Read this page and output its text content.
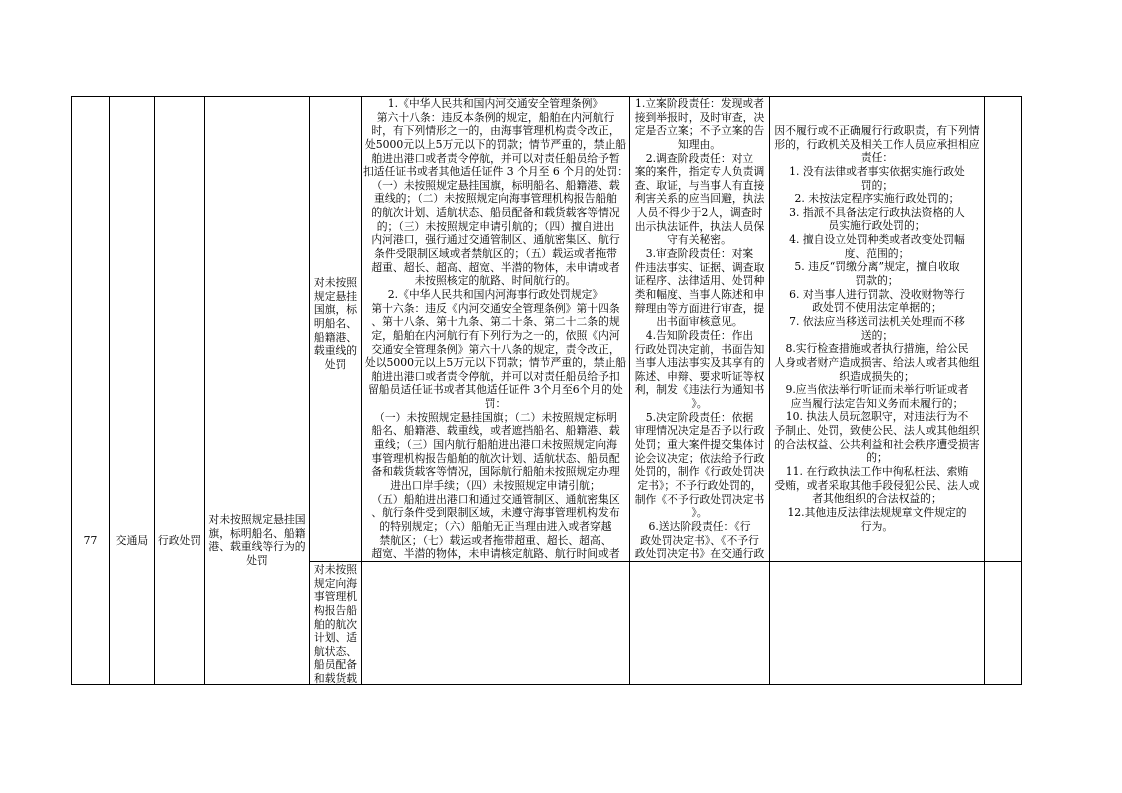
77	交通局 行政处罚
对未按照规定悬挂国
旗，标明船名、船籍
港、载重线等行为的
处罚
对未按照
规定悬挂
国旗，标
明船名、
船籍港、
载重线的
处罚
1.《中华人民共和国内河交通安全管理条例》
第六十八条：违反本条例的规定，船舶在内河航行
时，有下列情形之一的，由海事管理机构责令改正，
处5000元以上5万元以下的罚款；情节严重的，禁止船
舶进出港口或者责令停航，并可以对责任船员给予暂
扣适任证书或者其他适任证件 3 个月至 6 个月的处罚：
（一）未按照规定悬挂国旗，标明船名、船籍港、载
重线的；（二）未按照规定向海事管理机构报告船舶
的航次计划、适航状态、船员配备和载货载客等情况
的；（三）未按照规定申请引航的；（四）擅自进出
内河港口，强行通过交通管制区、通航密集区、航行
条件受限制区域或者禁航区的；（五）载运或者拖带
超重、超长、超高、超宽、半潜的物体，未申请或者
未按照核定的航路、时间航行的。
2.《中华人民共和国内河海事行政处罚规定》
第十六条：违反《内河交通安全管理条例》第十四条
、第十八条、第十九条、第二十条、第二十二条的规
定，船舶在内河航行有下列行为之一的，依照《内河
交通安全管理条例》第六十八条的规定，责令改正，
处以5000元以上5万元以下罚款；情节严重的，禁止船
舶进出港口或者责令停航，并可以对责任船员给予扣
留船员适任证书或者其他适任证件 3个月至6个月的处
罚：
（一）未按照规定悬挂国旗；（二）未按照规定标明
船名、船籍港、载重线，或者遮挡船名、船籍港、载
重线；（三）国内航行船舶进出港口未按照规定向海
事管理机构报告船舶的航次计划、适航状态、船员配
备和载货载客等情况，国际航行船舶未按照规定办理
进出口岸手续；（四）未按照规定申请引航；
（五）船舶进出港口和通过交通管制区、通航密集区
、航行条件受到限制区域，未遵守海事管理机构发布
的特别规定；（六）船舶无正当理由进入或者穿越
禁航区；（七）载运或者拖带超重、超长、超高、
超宽、半潜的物体，未申请核定航路、航行时间或者
1.立案阶段责任：发现或者
接到举报时，及时审查，决
定是否立案；不予立案的告
知理由。
2.调查阶段责任：对立
案的案件，指定专人负责调
查、取证，与当事人有直接
利害关系的应当回避，执法
人员不得少于2人，调查时
出示执法证件，执法人员保
守有关秘密。
3.审查阶段责任：对案
件违法事实、证据、调查取
证程序、法律适用、处罚种
类和幅度、当事人陈述和申
辩理由等方面进行审查，提
出书面审核意见。
4.告知阶段责任：作出
行政处罚决定前，书面告知
当事人违法事实及其享有的
陈述、申辩、要求听证等权
利，制发《违法行为通知书
》。
5.决定阶段责任：依据
审理情况决定是否予以行政
处罚；重大案件提交集体讨
论会议决定；依法给予行政
处罚的，制作《行政处罚决
定书》；不予行政处罚的，
制作《不予行政处罚决定书
》。
6.送达阶段责任：《行
政处罚决定书》、《不予行
政处罚决定书》在交通行政
因不履行或不正确履行行政职责，有下列情
形的，行政机关及相关工作人员应承担相应
责任：
1. 没有法律或者事实依据实施行政处
罚的；
2. 未按法定程序实施行政处罚的；
3. 指派不具备法定行政执法资格的人
员实施行政处罚的；
4. 擅自设立处罚种类或者改变处罚幅
度、范围的；
5. 违反“罚缴分离”规定，擅自收取
罚款的；
6. 对当事人进行罚款、没收财物等行
政处罚不使用法定单据的；
7. 依法应当移送司法机关处理而不移
送的；
8.实行检查措施或者执行措施，给公民
人身或者财产造成损害、给法人或者其他组
织造成损失的；
9.应当依法举行听证而未举行听证或者
应当履行法定告知义务而未履行的；
10. 执法人员玩忽职守，对违法行为不
予制止、处罚，致使公民、法人或其他组织
的合法权益、公共利益和社会秩序遭受损害
的；
11. 在行政执法工作中徇私枉法、索贿
受贿，或者采取其他手段侵犯公民、法人或
者其他组织的合法权益的；
12.其他违反法律法规规章文件规定的
行为。
对未按照
规定向海
事管理机
构报告船
舶的航次
计划、适
航状态、
船员配备
和载货载
